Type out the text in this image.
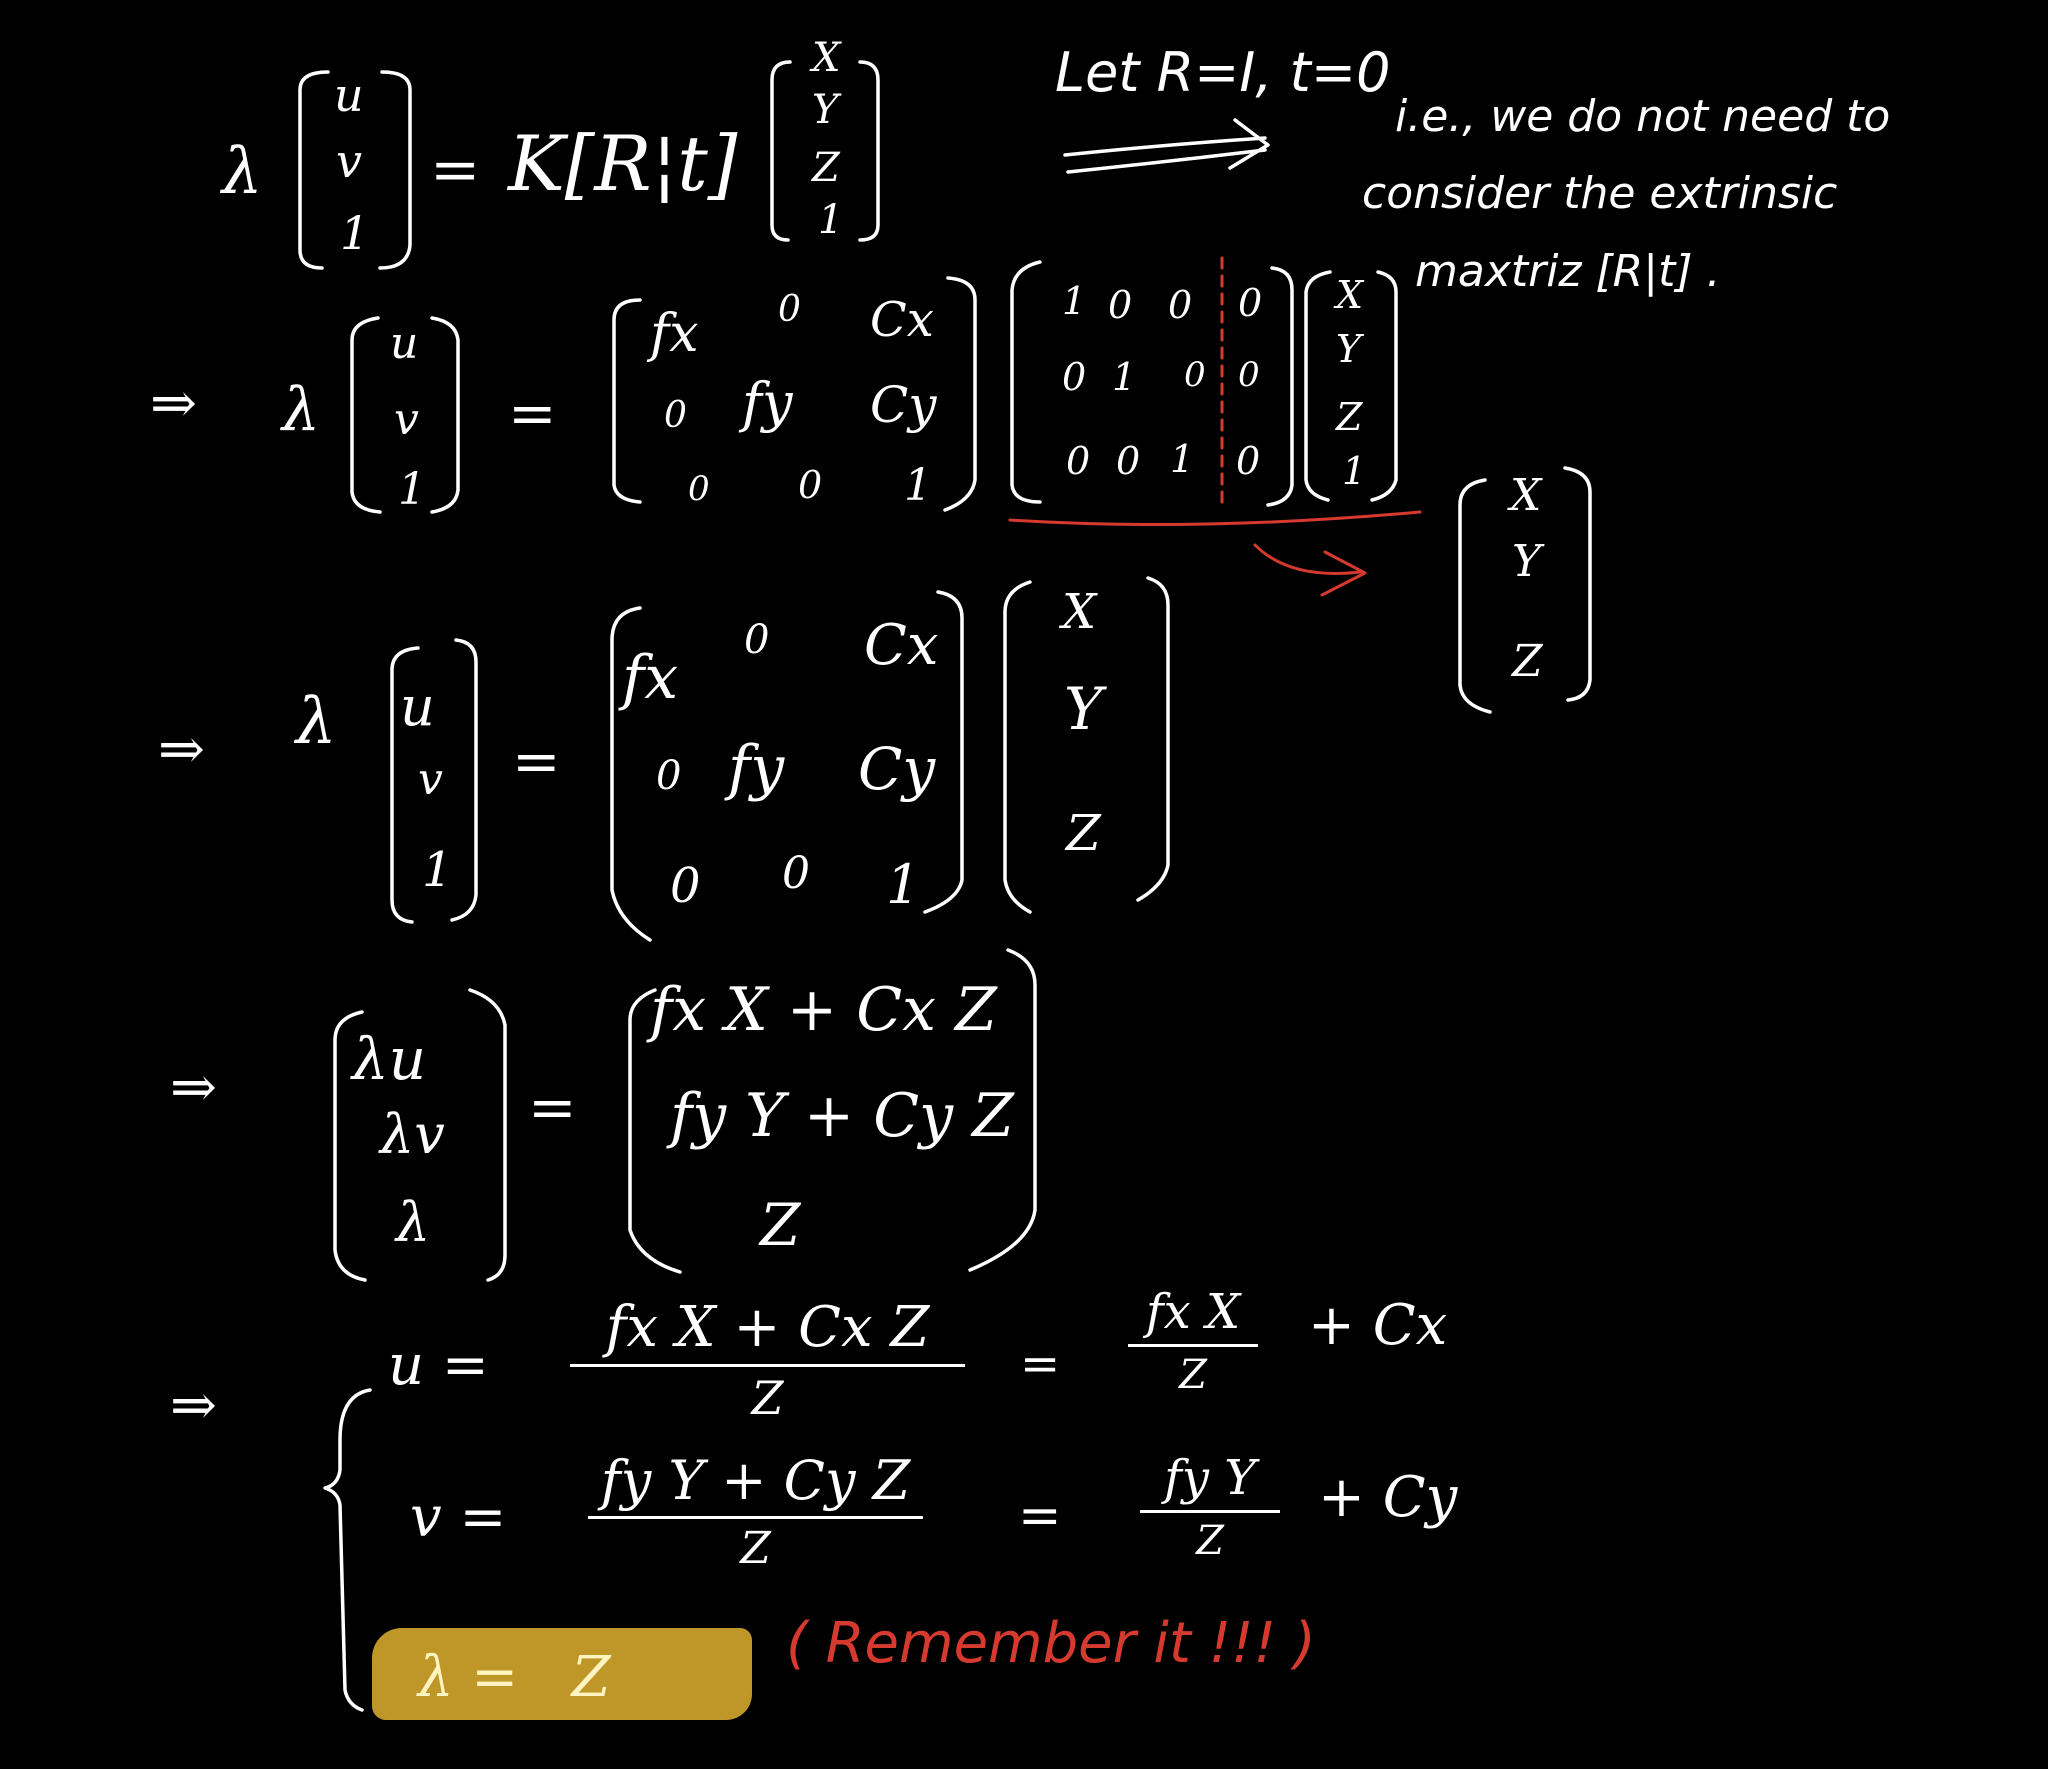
λ
u
v
1
= K[R¦t]
X
Y
Z
1
Let R=I, t=0
i.e., we do not need to
consider the extrinsic
maxtriz [R|t] .
⇒ λ
u
v
1
=
fx 0 Cx
0 fy Cy
0 0 1
1 0 0 0
0 1 0 0
0 0 1 0
X
Y
Z
1	X
Y
Z
⇒ λ u
v
1
=
fx
0 Cx
0 fy Cy
0 0 1
X
Y
Z
⇒ λu
λv
λ
=
fx X + Cx Z
fy Y + Cy Z
Z
⇒
u =
fx X + Cx Z
Z
=
fx X
Z
+ Cx
v =
fy Y + Cy Z
Z
=
fy Y
Z
+ Cy
λ =   Z
( Remember it !!! )
